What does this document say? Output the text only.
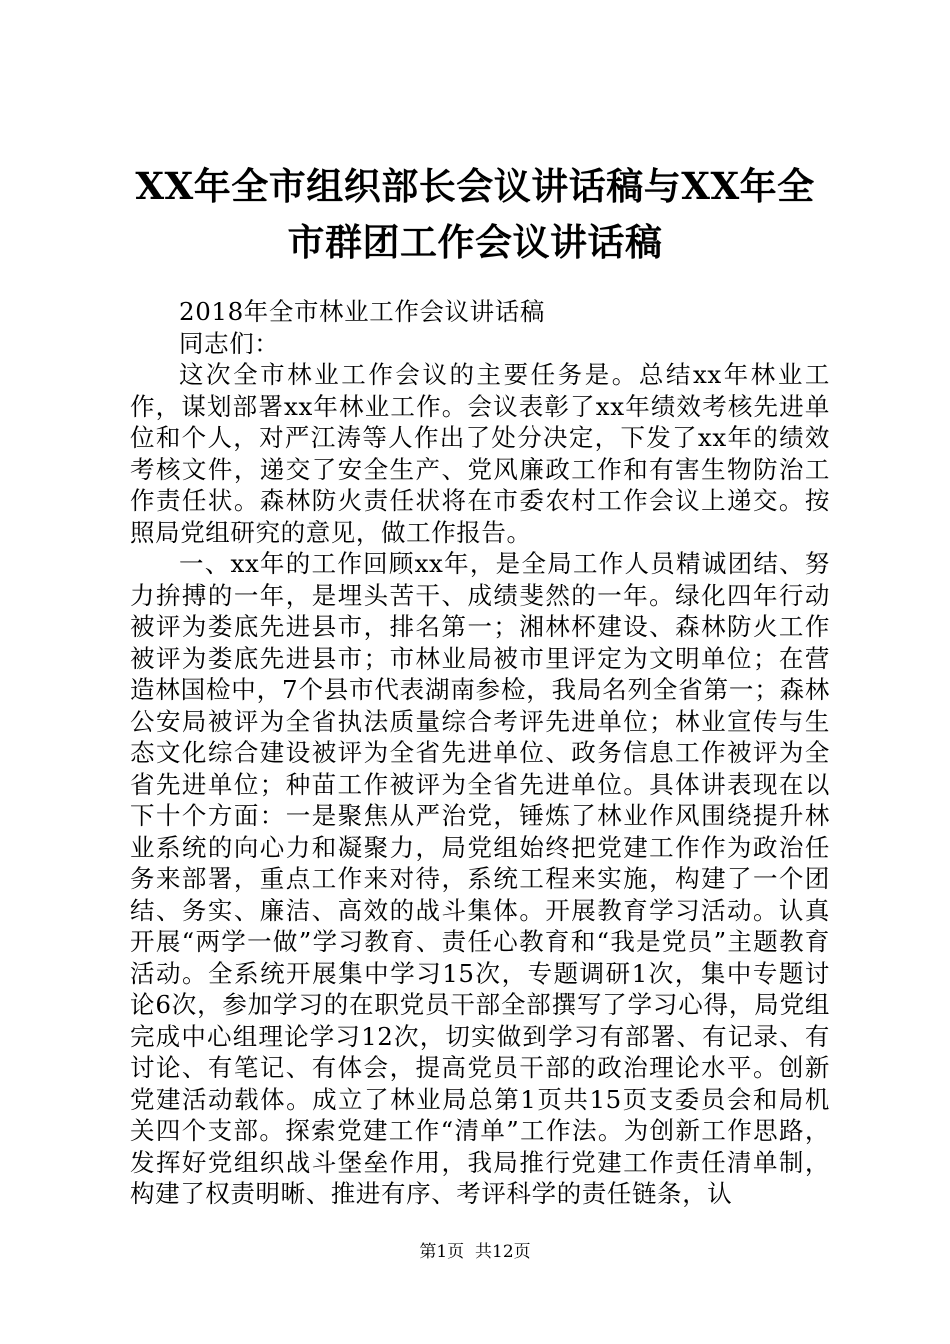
XX年全市组织部长会议讲话稿与XX年全市群团工作会议讲话稿

2018年全市林业工作会议讲话稿

同志们：

这次全市林业工作会议的主要任务是。总结xx年林业工作，谋划部署xx年林业工作。会议表彰了xx年绩效考核先进单位和个人，对严江涛等人作出了处分决定，下发了xx年的绩效考核文件，递交了安全生产、党风廉政工作和有害生物防治工作责任状。森林防火责任状将在市委农村工作会议上递交。按照局党组研究的意见，做工作报告。

一、xx年的工作回顾xx年，是全局工作人员精诚团结、努力拚搏的一年，是埋头苦干、成绩斐然的一年。绿化四年行动被评为娄底先进县市，排名第一；湘林杯建设、森林防火工作被评为娄底先进县市；市林业局被市里评定为文明单位；在营造林国检中，7个县市代表湖南参检，我局名列全省第一；森林公安局被评为全省执法质量综合考评先进单位；林业宣传与生态文化综合建设被评为全省先进单位、政务信息工作被评为全省先进单位；种苗工作被评为全省先进单位。具体讲表现在以下十个方面：一是聚焦从严治党，锤炼了林业作风围绕提升林业系统的向心力和凝聚力，局党组始终把党建工作作为政治任务来部署，重点工作来对待，系统工程来实施，构建了一个团结、务实、廉洁、高效的战斗集体。开展教育学习活动。认真开展“两学一做”学习教育、责任心教育和“我是党员”主题教育活动。全系统开展集中学习15次，专题调研1次，集中专题讨论6次，参加学习的在职党员干部全部撰写了学习心得，局党组完成中心组理论学习12次，切实做到学习有部署、有记录、有讨论、有笔记、有体会，提高党员干部的政治理论水平。创新党建活动载体。成立了林业局总第1页共15页支委员会和局机关四个支部。探索党建工作“清单”工作法。为创新工作思路，发挥好党组织战斗堡垒作用，我局推行党建工作责任清单制，构建了权责明晰、推进有序、考评科学的责任链条，认

第1页 共12页
